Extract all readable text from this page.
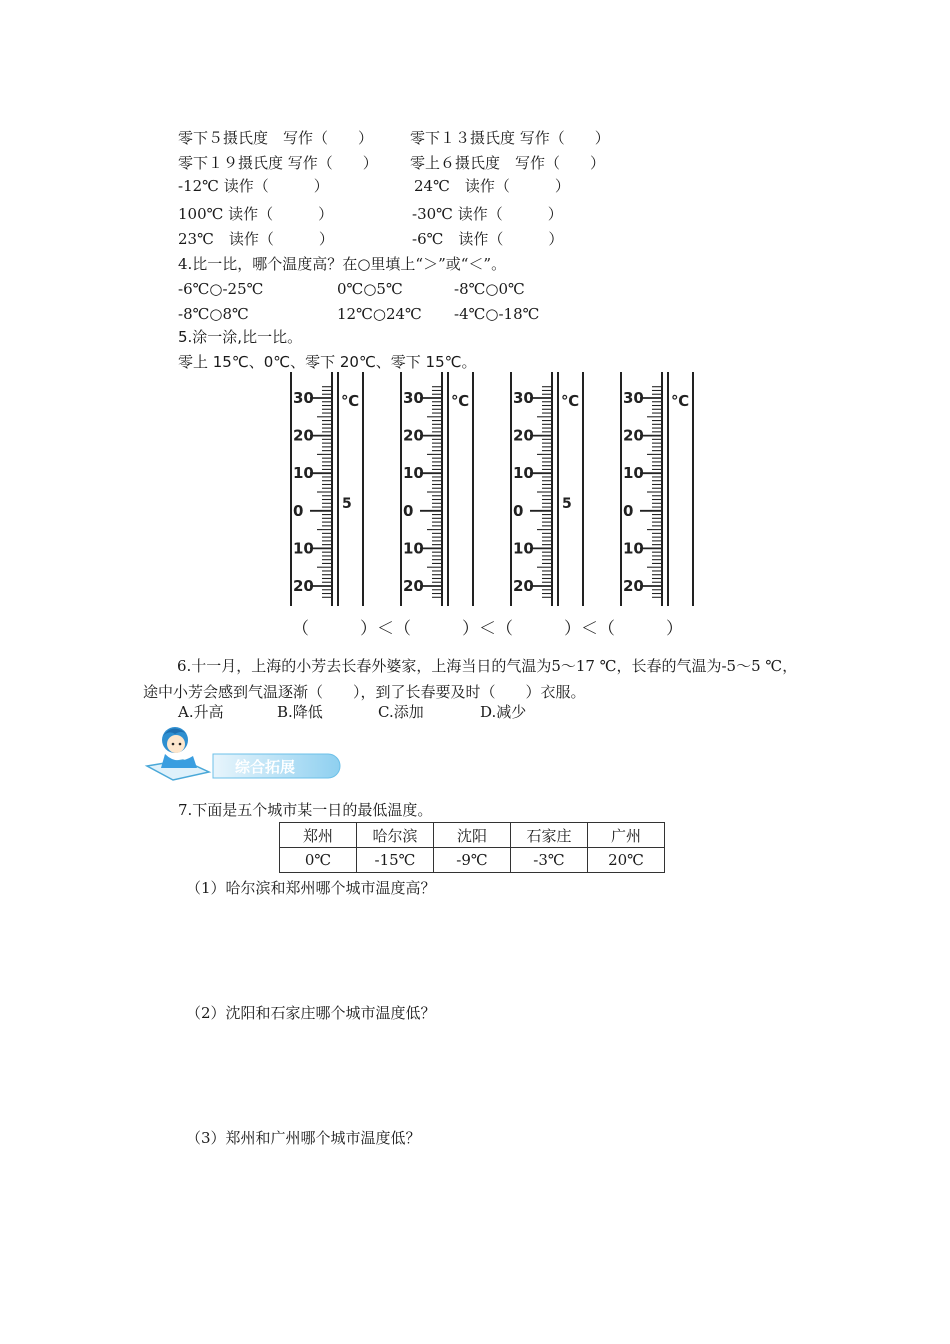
零下５摄氏度　写作（　　） 零下１３摄氏度 写作（　　）
零下１９摄氏度 写作（　　） 零上６摄氏度　写作（　　）
-12℃ 读作（　　　）	24℃　读作（　　　）
100℃ 读作（　　　）	-30℃ 读作（　　　）
23℃　读作（　　　）	-6℃　读作（　　　）
4.比一比，哪个温度高？在○里填上“＞”或“＜”。
-6℃○-25℃	0℃○5℃	-8℃○0℃
-8℃○8℃	12℃○24℃ -4℃○-18℃
5.涂一涂,比一比。
零上 15℃、0℃、零下 20℃、零下 15℃。
30
20
10
0
10
20
℃
5
30
20
10
0
10
20
℃	30
20
10
0
10
20
℃
5
30
20
10
0
10
20
℃
（　　　）＜（　　　）＜（　　　）＜（　　　）
6.十一月，上海的小芳去长春外婆家，上海当日的气温为5～17 ℃，长春的气温为-5～5 ℃，途中小芳会感到气温逐渐（　　），到了长春要及时（　　）衣服。
A.升高	B.降低	C.添加	D.减少
综合拓展
7.下面是五个城市某一日的最低温度。
郑州	哈尔滨	沈阳	石家庄	广州
0℃	-15℃	-9℃	-3℃	20℃
（1）哈尔滨和郑州哪个城市温度高？
（2）沈阳和石家庄哪个城市温度低？
（3）郑州和广州哪个城市温度低？
